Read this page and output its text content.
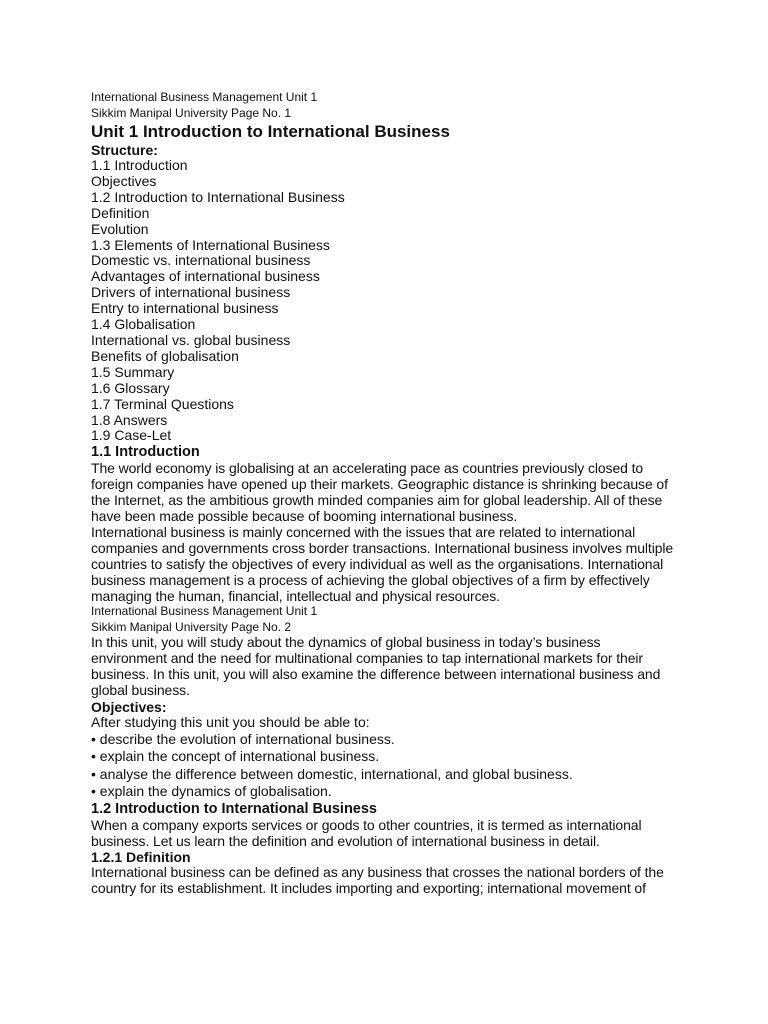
International Business Management Unit 1

Sikkim Manipal University Page No. 1

Unit 1 Introduction to International Business

Structure:

1.1 Introduction

Objectives

1.2 Introduction to International Business

Definition

Evolution

1.3 Elements of International Business

Domestic vs. international business

Advantages of international business

Drivers of international business

Entry to international business

1.4 Globalisation

International vs. global business

Benefits of globalisation

1.5 Summary

1.6 Glossary

1.7 Terminal Questions

1.8 Answers

1.9 Case-Let

1.1 Introduction

The world economy is globalising at an accelerating pace as countries previously closed to

foreign companies have opened up their markets. Geographic distance is shrinking because of

the Internet, as the ambitious growth minded companies aim for global leadership. All of these

have been made possible because of booming international business.

International business is mainly concerned with the issues that are related to international

companies and governments cross border transactions. International business involves multiple

countries to satisfy the objectives of every individual as well as the organisations. International

business management is a process of achieving the global objectives of a firm by effectively

managing the human, financial, intellectual and physical resources.

International Business Management Unit 1

Sikkim Manipal University Page No. 2

In this unit, you will study about the dynamics of global business in today’s business

environment and the need for multinational companies to tap international markets for their

business. In this unit, you will also examine the difference between international business and

global business.

Objectives:

After studying this unit you should be able to:

• describe the evolution of international business.

• explain the concept of international business.

• analyse the difference between domestic, international, and global business.

• explain the dynamics of globalisation.

1.2 Introduction to International Business

When a company exports services or goods to other countries, it is termed as international

business. Let us learn the definition and evolution of international business in detail.

1.2.1 Definition

International business can be defined as any business that crosses the national borders of the

country for its establishment. It includes importing and exporting; international movement of
